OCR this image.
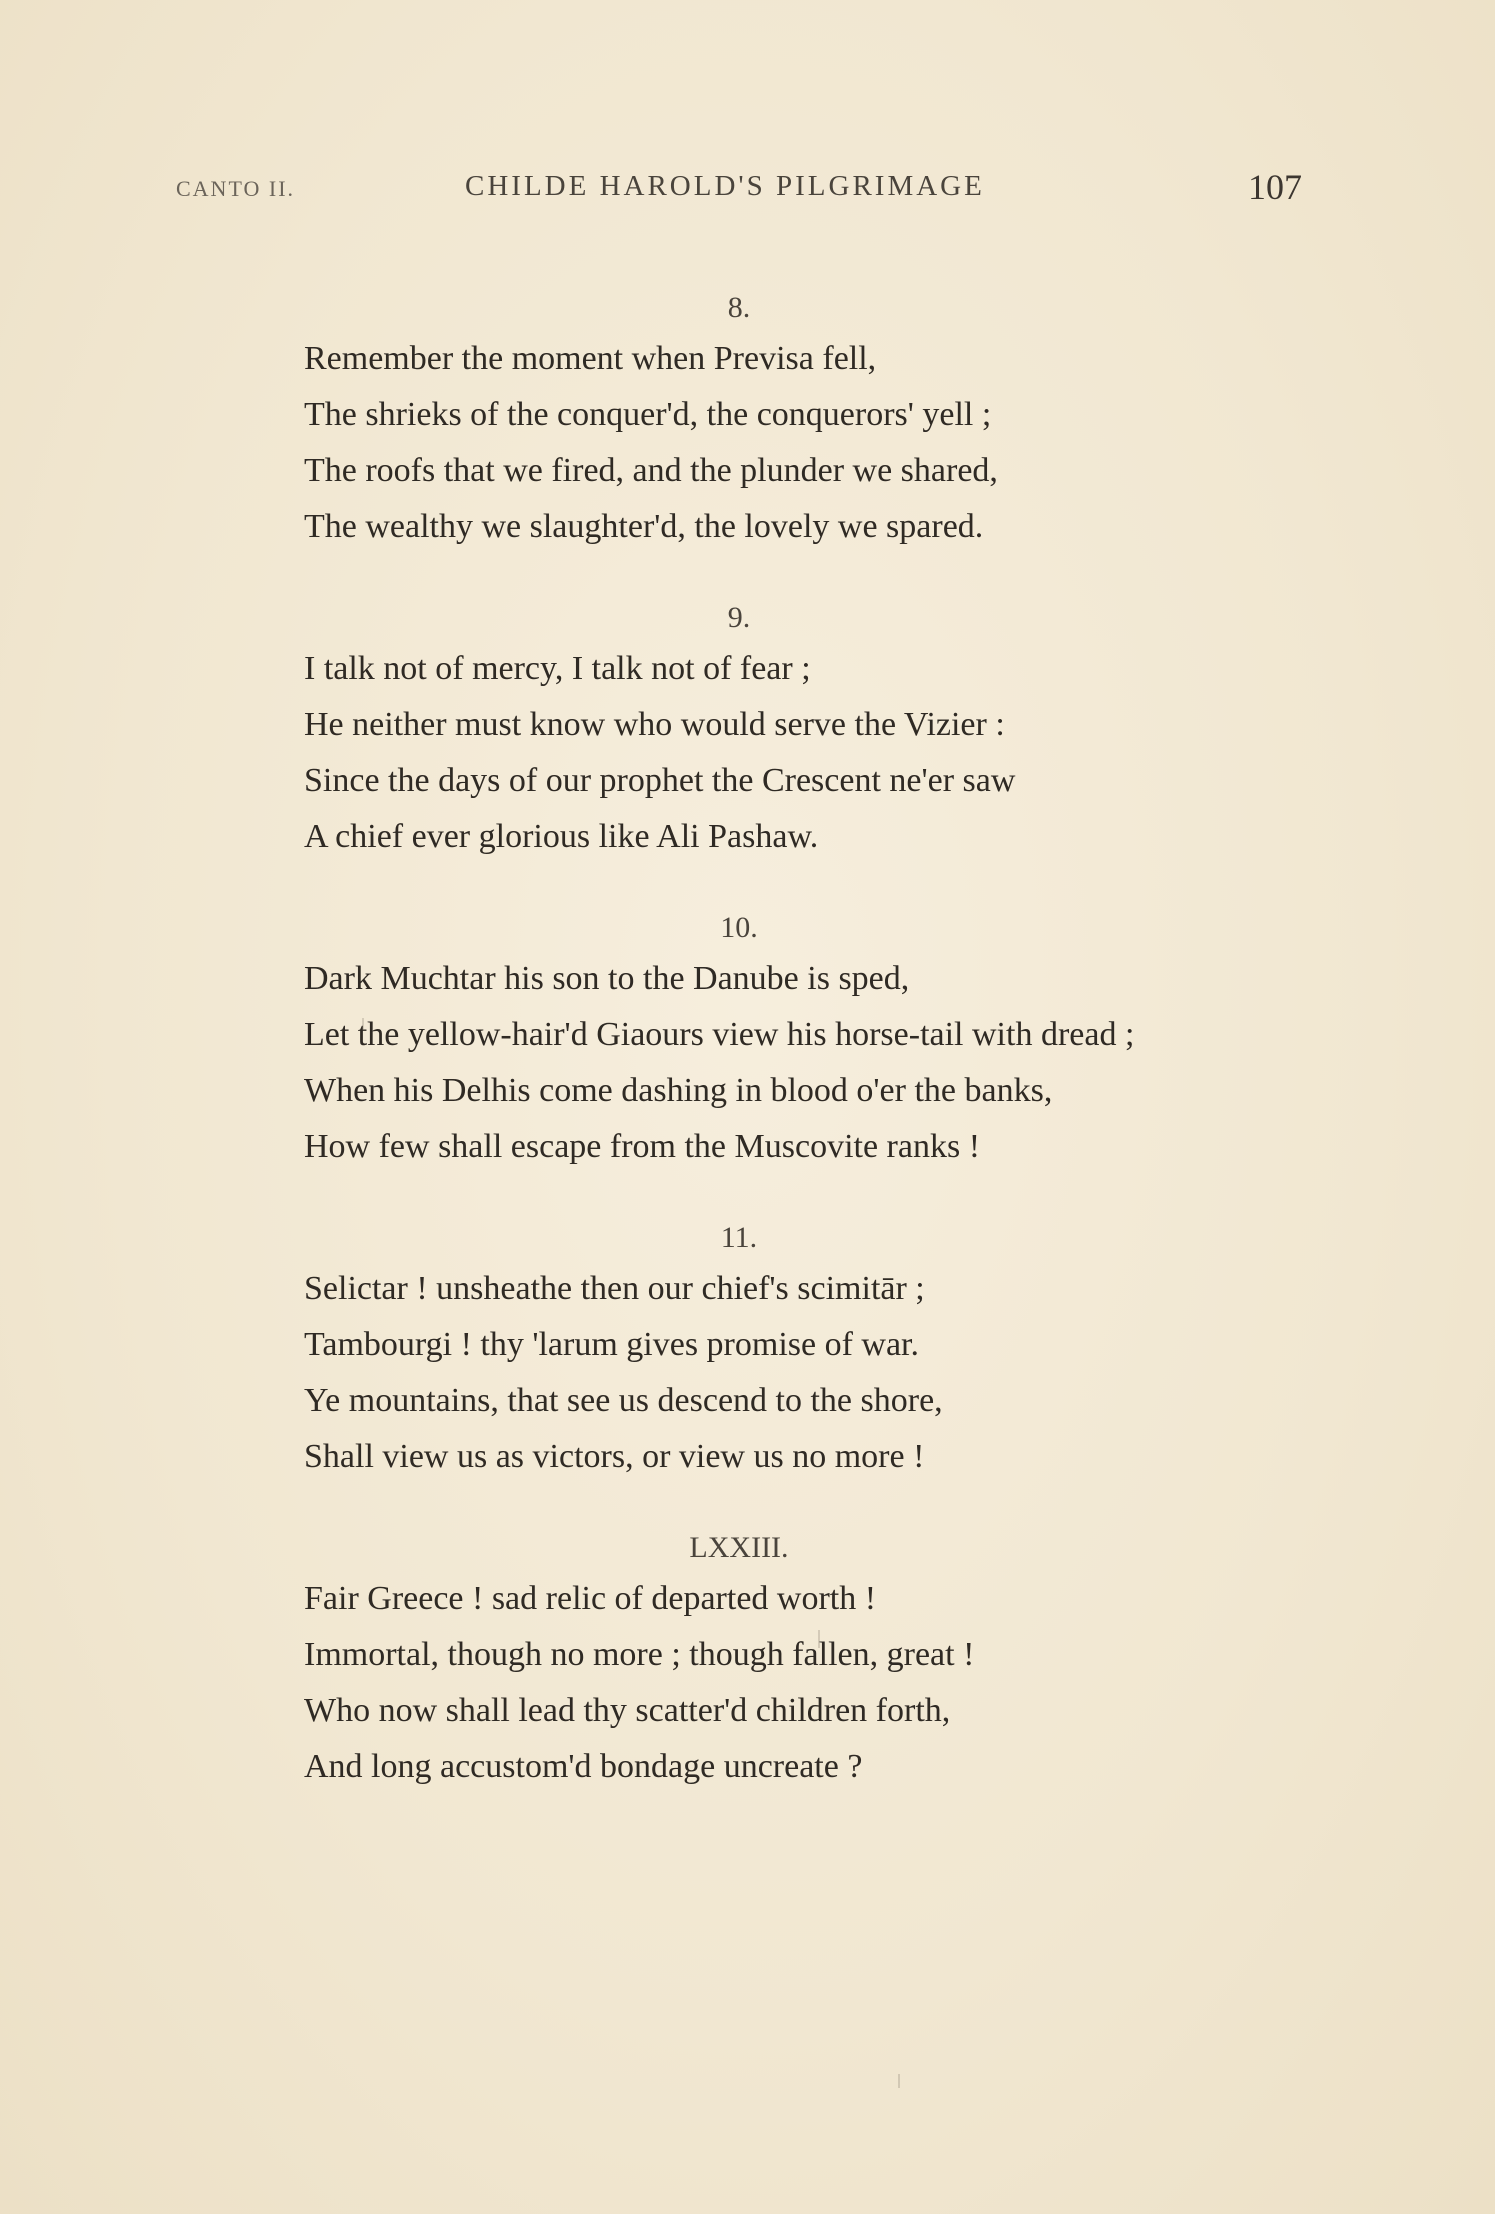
CANTO II.	CHILDE HAROLD'S PILGRIMAGE	107
8.
Remember the moment when Previsa fell,
The shrieks of the conquer'd, the conquerors' yell ;
The roofs that we fired, and the plunder we shared,
The wealthy we slaughter'd, the lovely we spared.
9.
I talk not of mercy, I talk not of fear ;
He neither must know who would serve the Vizier :
Since the days of our prophet the Crescent ne'er saw
A chief ever glorious like Ali Pashaw.
10.
Dark Muchtar his son to the Danube is sped,
Let the yellow-hair'd Giaours view his horse-tail with dread ;
When his Delhis come dashing in blood o'er the banks,
How few shall escape from the Muscovite ranks !
11.
Selictar ! unsheathe then our chief's scimitār ;
Tambourgi ! thy 'larum gives promise of war.
Ye mountains, that see us descend to the shore,
Shall view us as victors, or view us no more !
LXXIII.
Fair Greece ! sad relic of departed worth !
Immortal, though no more ; though fallen, great !
Who now shall lead thy scatter'd children forth,
And long accustom'd bondage uncreate ?
